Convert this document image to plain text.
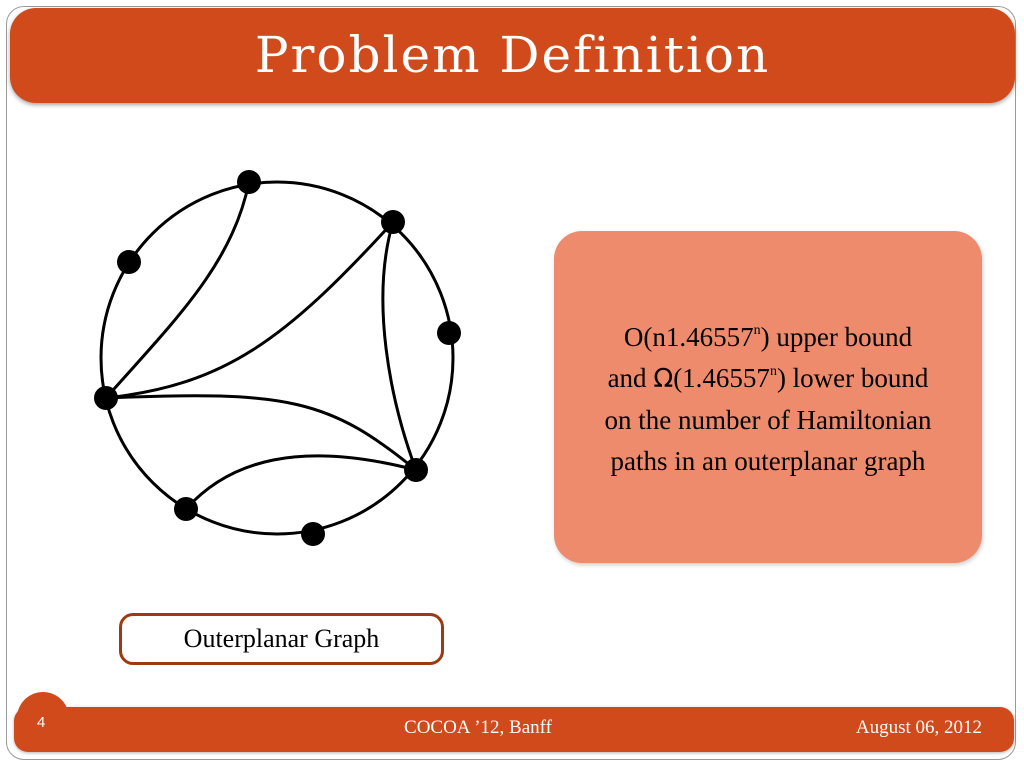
Problem Definition
O(n1.46557$^n$) upper bound
and Ω(1.46557$^n$) lower bound
on the number of Hamiltonian
paths in an outerplanar graph
Outerplanar Graph
4	COCOA ’12, Banff	August 06, 2012
